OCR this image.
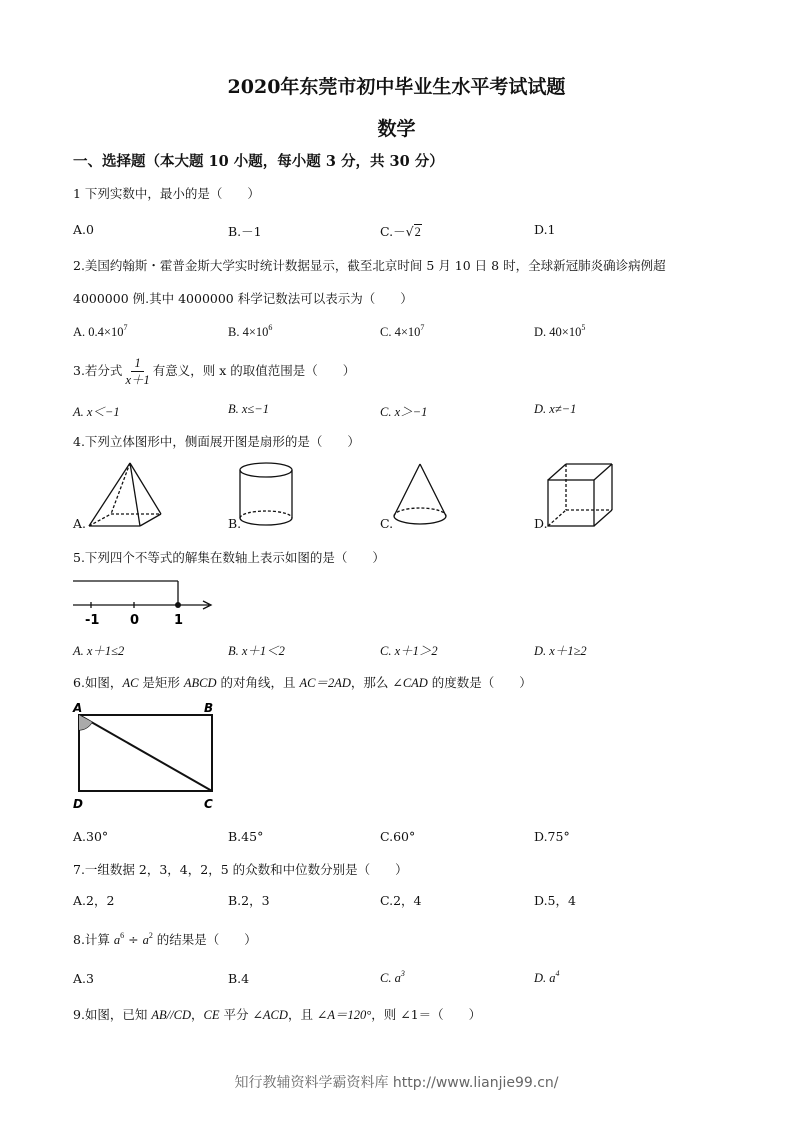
2020年东莞市初中毕业生水平考试试题
数学
一、选择题（本大题 10 小题，每小题 3 分，共 30 分）
1 下列实数中，最小的是（　　）
A.0	B.－1	C.－√2	D.1
2.美国约翰斯・霍普金斯大学实时统计数据显示，截至北京时间 5 月 10 日 8 时，全球新冠肺炎确诊病例超
4000000 例.其中 4000000 科学记数法可以表示为（　　）
A. $0.4\times 10^7$	B. $4\times 10^6$	C. $4\times 10^7$	D. $40\times 10^5$
3.若分式 $\frac{1}{x+1}$ 有意义，则 x 的取值范围是（　　）
A. x＜−1	B. x≤−1	C. x＞−1	D. x≠−1
4.下列立体图形中，侧面展开图是扇形的是（　　）
A.	B.	C.	D.
5.下列四个不等式的解集在数轴上表示如图的是（　　）
-1 0	1
A. x＋1≤2	B. x＋1＜2	C. x＋1＞2	D. x＋1≥2
6.如图，AC 是矩形 ABCD 的对角线，且 AC＝2AD，那么 ∠CAD 的度数是（　　）
A	B
D	C
A.30°	B.45°	C.60°	D.75°
7.一组数据 2，3，4，2，5 的众数和中位数分别是（　　）
A.2，2	B.2，3	C.2，4	D.5，4
8.计算 $a^6 \div a^2$ 的结果是（　　）
A.3	B.4	C. $a^3$	D. $a^4$
9.如图，已知 AB//CD，CE 平分 ∠ACD，且 ∠A＝120°，则 ∠1＝（　　）
知行教辅资料学霸资料库 http://www.lianjie99.cn/
